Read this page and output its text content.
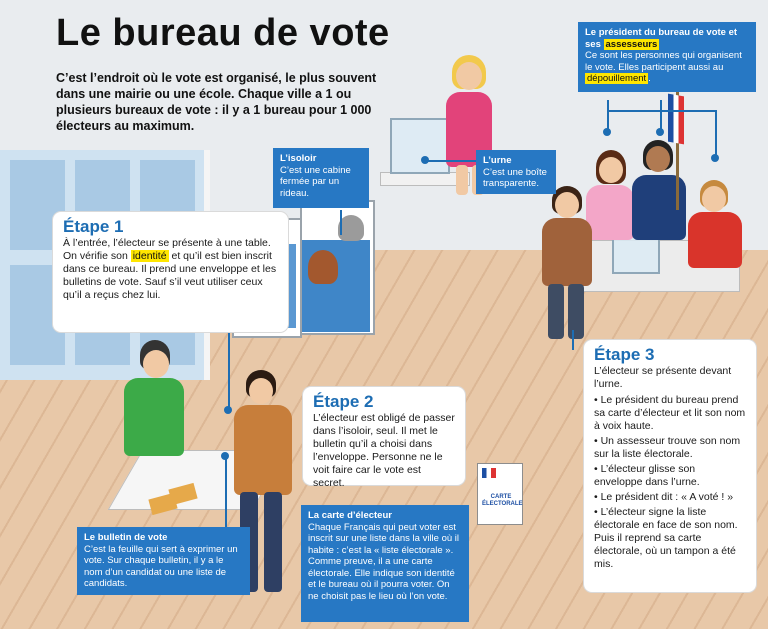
Le bureau de vote

C’est l’endroit où le vote est organisé, le plus souvent dans une mairie ou une école. Chaque ville a 1 ou plusieurs bureaux de vote : il y a 1 bureau pour 1 000 électeurs au maximum.

Le président du bureau de vote et ses assesseurs
Ce sont les personnes qui organisent le vote. Elles participent aussi au dépouillement .
L’isoloir
C’est une cabine fermée par un rideau.
L’urne
C’est une boîte transparente.
Étape 1

À l’entrée, l’électeur se présente à une table. On vérifie son identité et qu’il est bien inscrit dans ce bureau. Il prend une enveloppe et les bulletins de vote. Sauf s’il veut utiliser ceux qu’il a reçus chez lui.

Étape 2

L’électeur est obligé de passer dans l’isoloir, seul. Il met le bulletin qu’il a choisi dans l’enveloppe. Personne ne le voit faire car le vote est secret.

Étape 3

L’électeur se présente devant l’urne.

• Le président du bureau prend sa carte d’électeur et lit son nom à voix haute.
• Un assesseur trouve son nom sur la liste électorale.
• L’électeur glisse son enveloppe dans l’urne.
• Le président dit : « A voté ! »
• L’électeur signe la liste électorale en face de son nom. Puis il reprend sa carte électorale, où un tampon a été mis.
Le bulletin de vote
C’est la feuille qui sert à exprimer un vote. Sur chaque bulletin, il y a le nom d’un candidat ou une liste de candidats.
La carte d’électeur
Chaque Français qui peut voter est inscrit sur une liste dans la ville où il habite : c’est la « liste électorale ». Comme preuve, il a une carte électorale. Elle indique son identité et le bureau où il pourra voter. On ne choisit pas le lieu où l’on vote.
CARTE ÉLECTORALE
